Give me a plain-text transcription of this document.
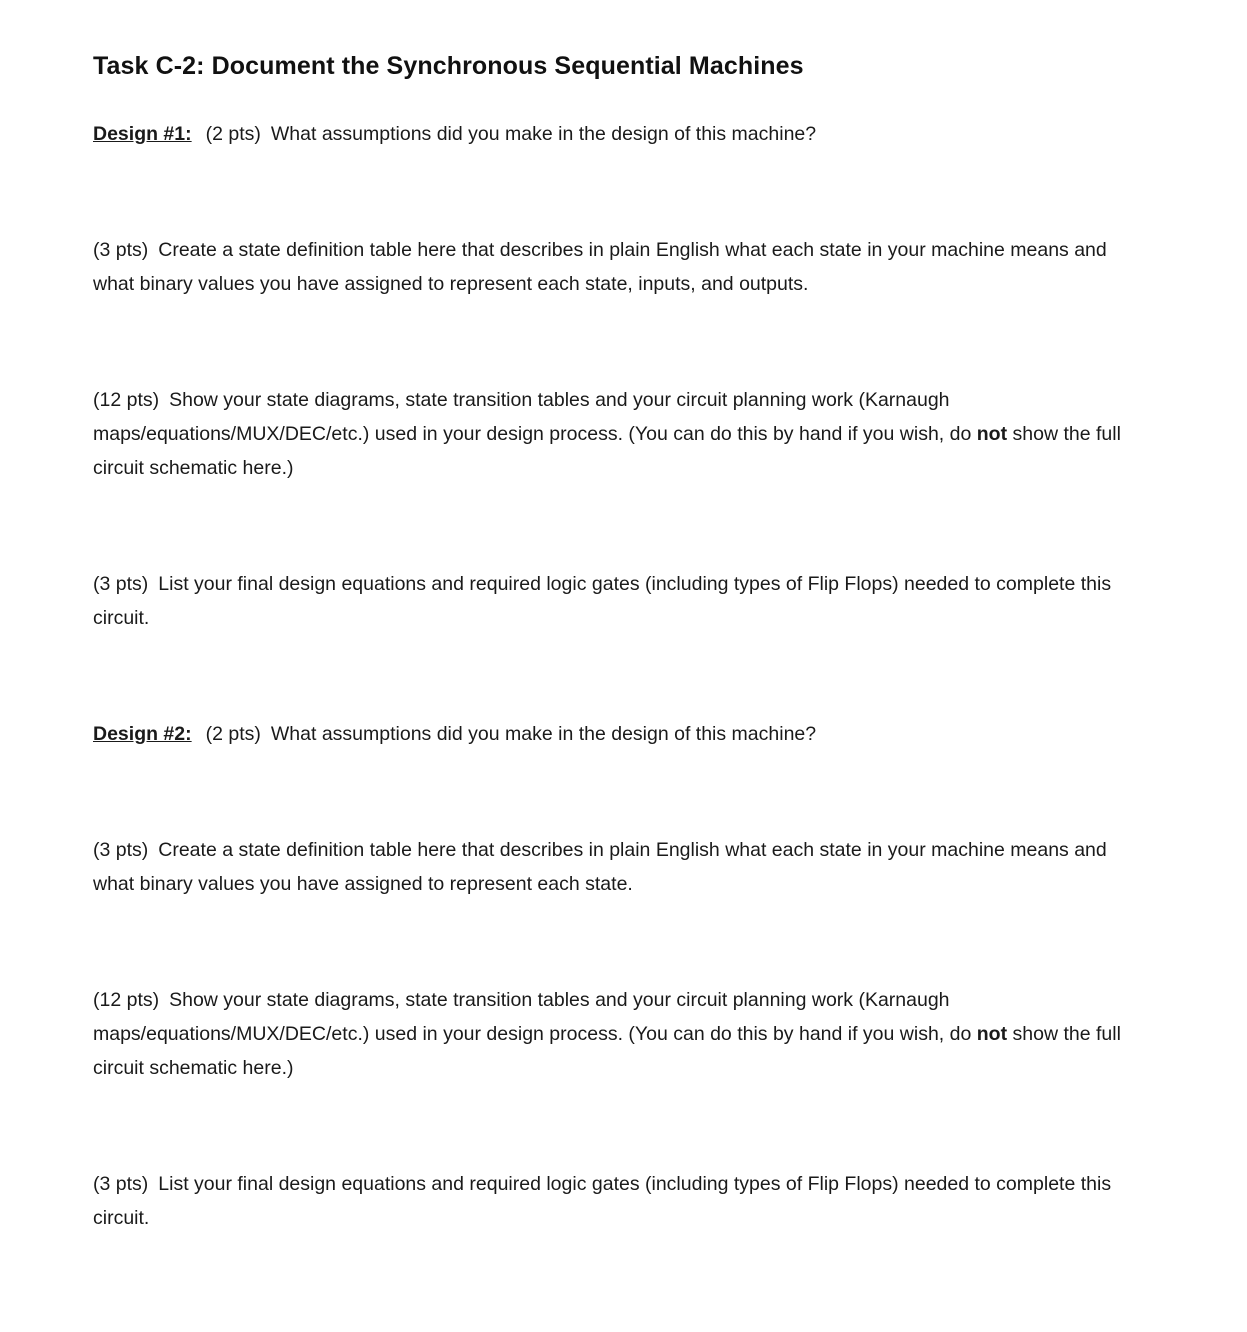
Task C-2: Document the Synchronous Sequential Machines

Design #1: (2 pts) What assumptions did you make in the design of this machine?

(3 pts) Create a state definition table here that describes in plain English what each state in your machine means and what binary values you have assigned to represent each state, inputs, and outputs.

(12 pts) Show your state diagrams, state transition tables and your circuit planning work (Karnaugh maps/equations/MUX/DEC/etc.) used in your design process. (You can do this by hand if you wish, do not show the full circuit schematic here.)

(3 pts) List your final design equations and required logic gates (including types of Flip Flops) needed to complete this circuit.

Design #2: (2 pts) What assumptions did you make in the design of this machine?

(3 pts) Create a state definition table here that describes in plain English what each state in your machine means and what binary values you have assigned to represent each state.

(12 pts) Show your state diagrams, state transition tables and your circuit planning work (Karnaugh maps/equations/MUX/DEC/etc.) used in your design process. (You can do this by hand if you wish, do not show the full circuit schematic here.)

(3 pts) List your final design equations and required logic gates (including types of Flip Flops) needed to complete this circuit.
